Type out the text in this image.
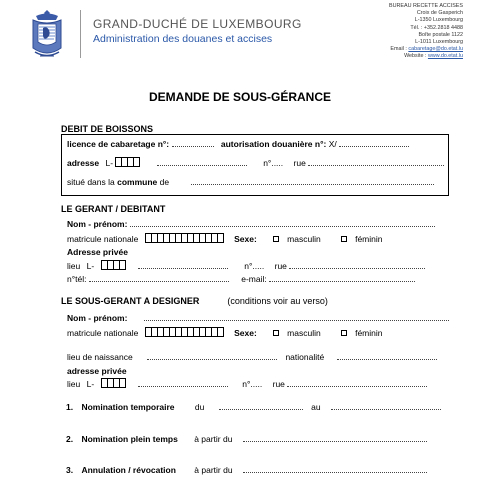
GRAND-DUCHÉ DE LUXEMBOURG
Administration des douanes et accises
BUREAU RECETTE ACCISES
Croix de Gasperich
L-1350 Luxembourg
Tél. : +352.2818 4488
Boîte postale 1122
L-1011 Luxembourg
Email : cabaretage@do.etat.lu
Website : www.do.etat.lu
DEMANDE DE SOUS-GÉRANCE
DEBIT DE BOISSONS
licence de cabaretage n°:	autorisation douanière n°: X/
adresse L-	n°..... rue
situé dans la commune de
LE GERANT / DEBITANT
Nom - prénom:
matricule nationale	Sexe:	masculin	féminin
Adresse privée
lieu L-	n°..... rue
n°tél:	e-mail:
LE SOUS-GERANT A DESIGNER	(conditions voir au verso)
Nom - prénom:
matricule nationale	Sexe:	masculin	féminin
lieu de naissance	nationalité
adresse privée
lieu L-	n°..... rue
1. Nomination temporaire du	au
2. Nomination plein temps à partir du
3. Annulation / révocation à partir du
